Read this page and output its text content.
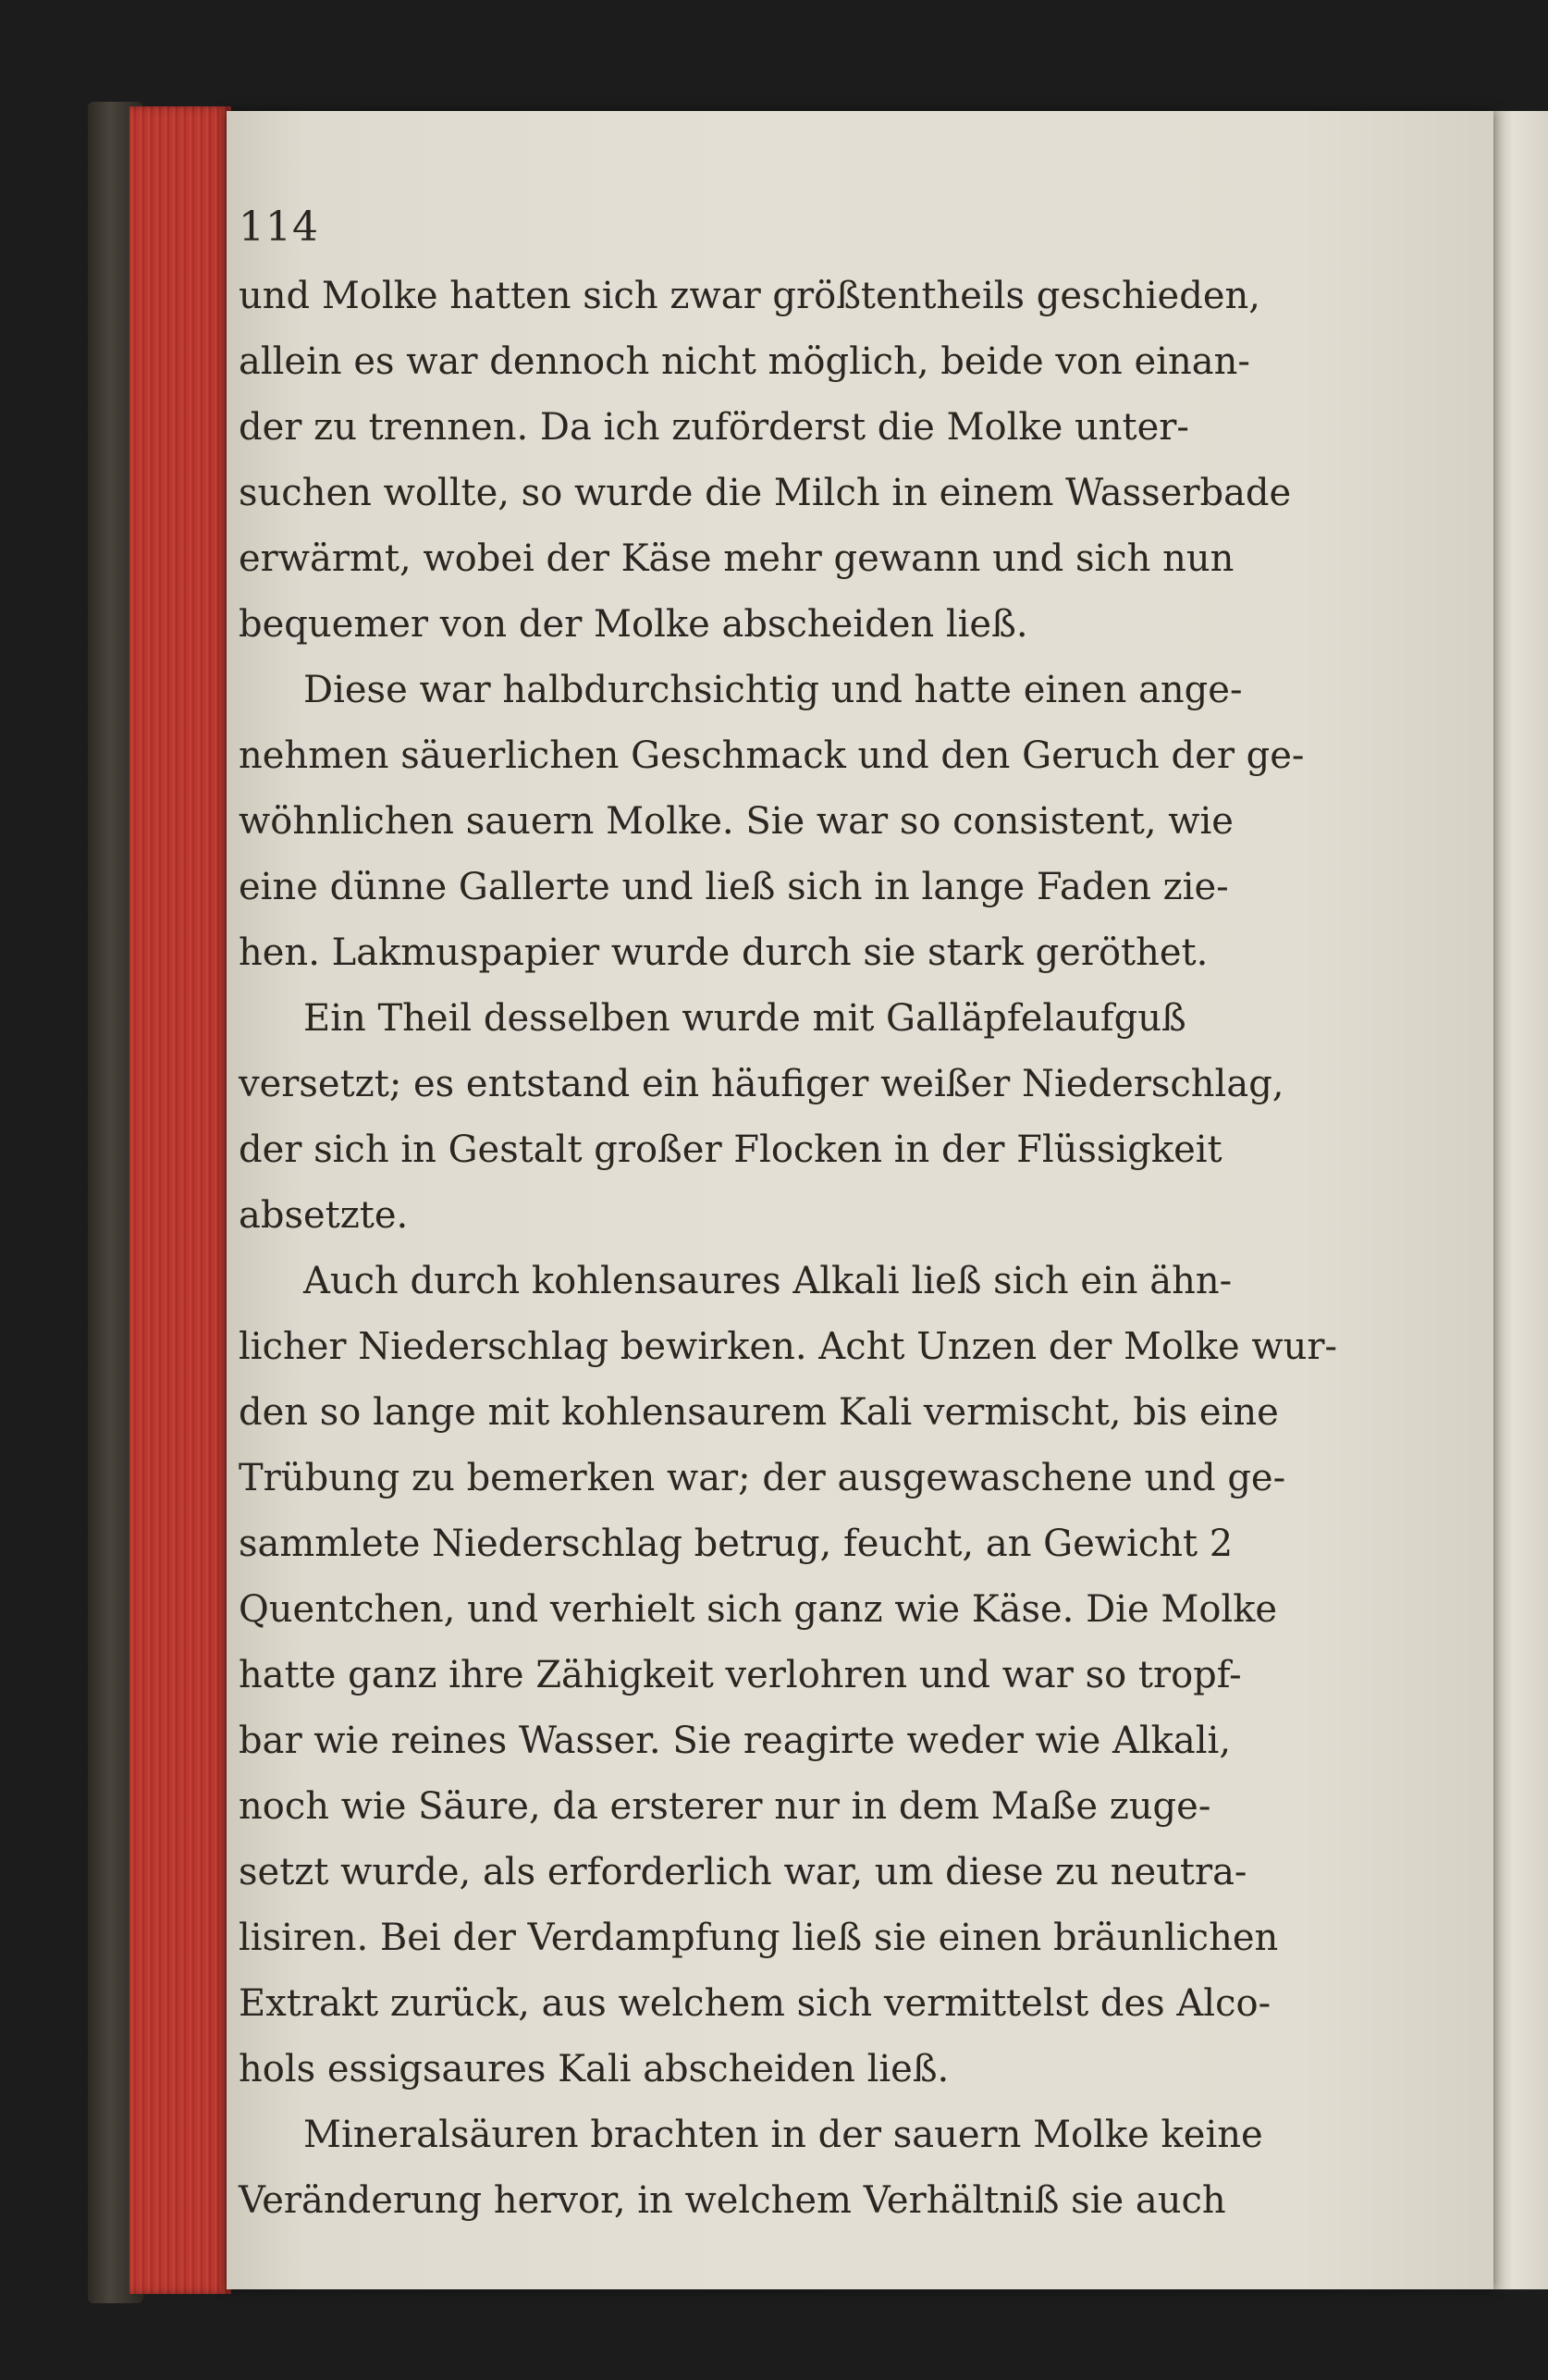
114
und Molke hatten sich zwar größtentheils geschieden,
allein es war dennoch nicht möglich, beide von einan-
der zu trennen. Da ich zuförderst die Molke unter-
suchen wollte, so wurde die Milch in einem Wasserbade
erwärmt, wobei der Käse mehr gewann und sich nun
bequemer von der Molke abscheiden ließ.
Diese war halbdurchsichtig und hatte einen ange-
nehmen säuerlichen Geschmack und den Geruch der ge-
wöhnlichen sauern Molke. Sie war so consistent, wie
eine dünne Gallerte und ließ sich in lange Faden zie-
hen. Lakmuspapier wurde durch sie stark geröthet.
Ein Theil desselben wurde mit Galläpfelaufguß
versetzt; es entstand ein häufiger weißer Niederschlag,
der sich in Gestalt großer Flocken in der Flüssigkeit
absetzte.
Auch durch kohlensaures Alkali ließ sich ein ähn-
licher Niederschlag bewirken. Acht Unzen der Molke wur-
den so lange mit kohlensaurem Kali vermischt, bis eine
Trübung zu bemerken war; der ausgewaschene und ge-
sammlete Niederschlag betrug, feucht, an Gewicht 2
Quentchen, und verhielt sich ganz wie Käse. Die Molke
hatte ganz ihre Zähigkeit verlohren und war so tropf-
bar wie reines Wasser. Sie reagirte weder wie Alkali,
noch wie Säure, da ersterer nur in dem Maße zuge-
setzt wurde, als erforderlich war, um diese zu neutra-
lisiren. Bei der Verdampfung ließ sie einen bräunlichen
Extrakt zurück, aus welchem sich vermittelst des Alco-
hols essigsaures Kali abscheiden ließ.
Mineralsäuren brachten in der sauern Molke keine
Veränderung hervor, in welchem Verhältniß sie auch
